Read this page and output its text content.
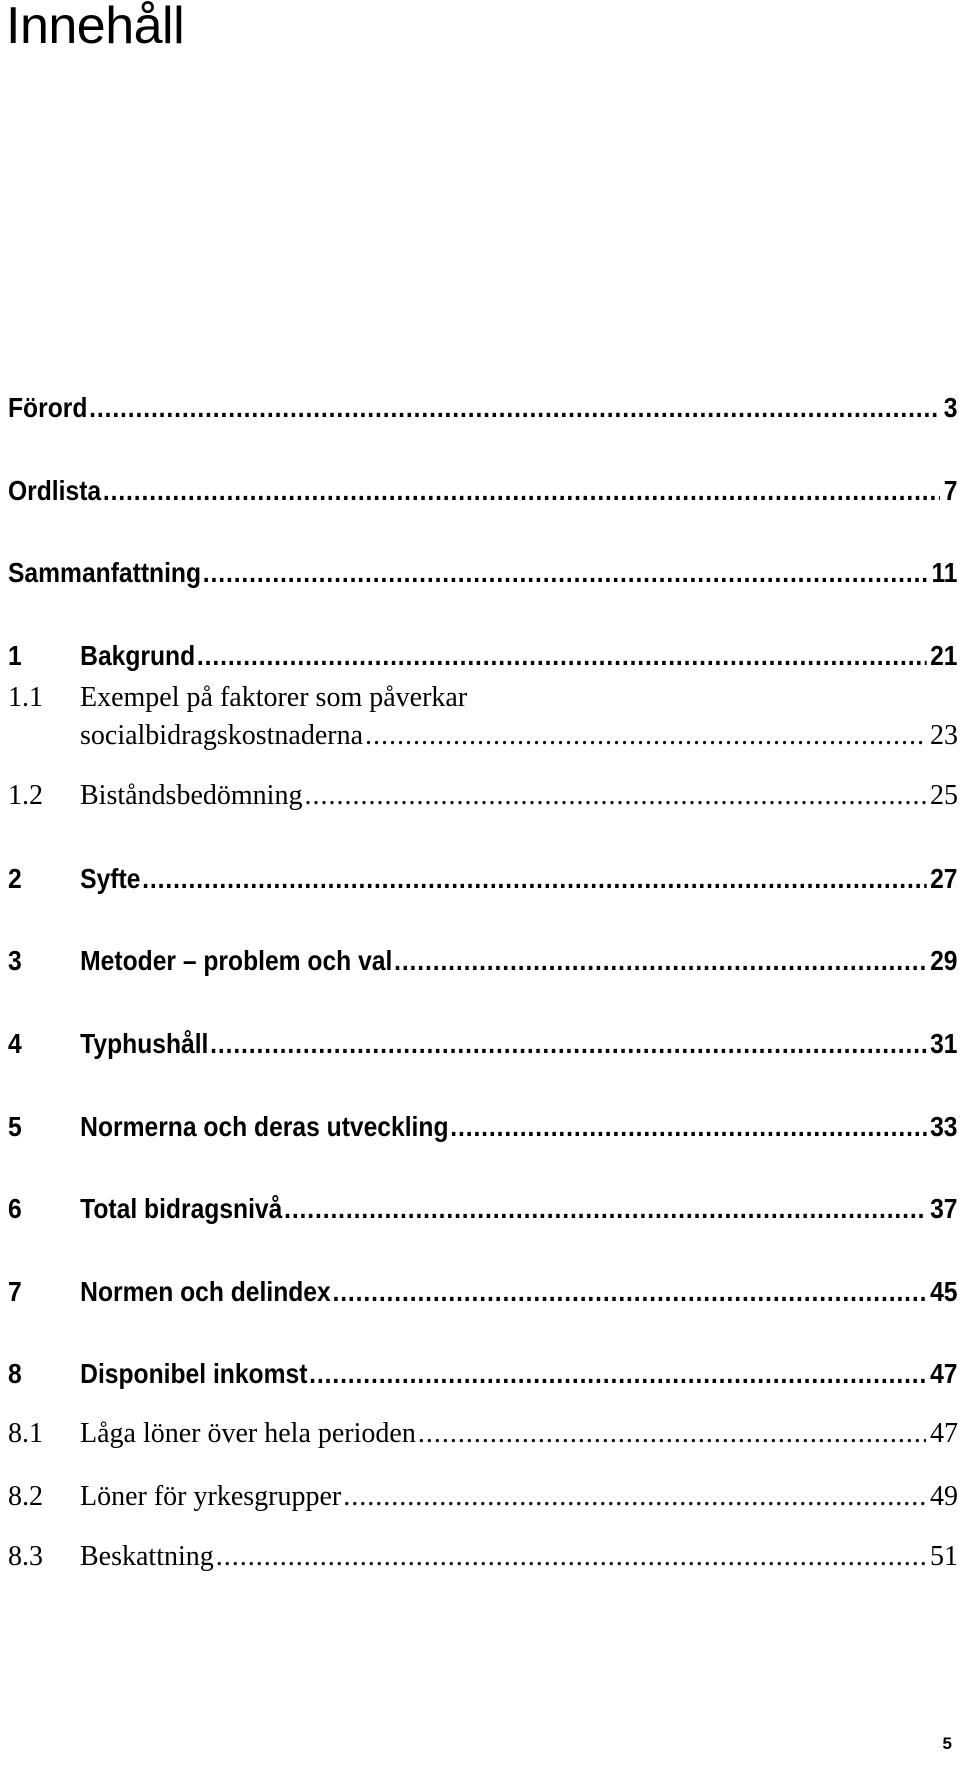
Innehåll
Förord .....	3
Ordlista .....	7
Sammanfattning .....	11
1	Bakgrund .....	21
1.1 Exempel på faktorer som påverkar
socialbidragskostnaderna .....	23
1.2	Biståndsbedömning .....	25
2	Syfte .....	27
3	Metoder – problem och val .....	29
4	Typhushåll .....	31
5	Normerna och deras utveckling .....	33
6	Total bidragsnivå .....	37
7	Normen och delindex .....	45
8	Disponibel inkomst .....	47
8.1	Låga löner över hela perioden .....	47
8.2	Löner för yrkesgrupper .....	49
8.3	Beskattning .....	51
5
